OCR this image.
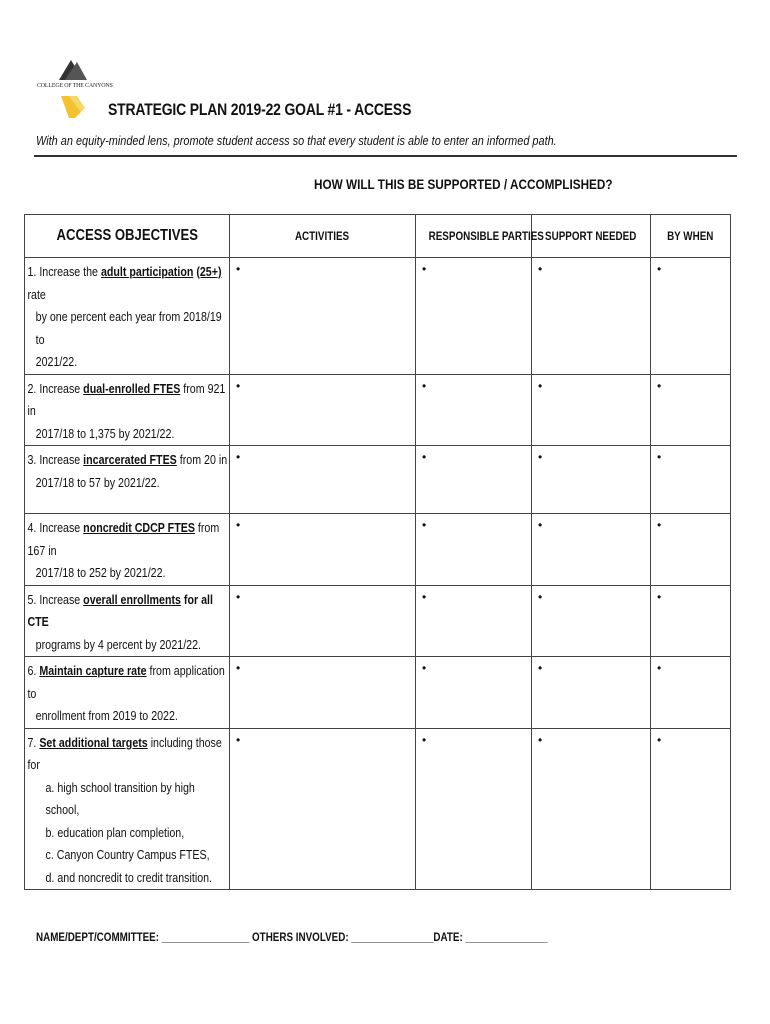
COLLEGE OF THE CANYONS
STRATEGIC PLAN 2019-22 GOAL #1 - ACCESS
With an equity-minded lens, promote student access so that every student is able to enter an informed path.
HOW WILL THIS BE SUPPORTED / ACCOMPLISHED?
ACCESS OBJECTIVES	ACTIVITIES	RESPONSIBLE PARTIES	SUPPORT NEEDED	BY WHEN

1. Increase the adult participation (25+) rate
by one percent each year from 2018/19 to
2021/22.	•	•	•	•

2. Increase dual-enrolled FTES from 921 in
2017/18 to 1,375 by 2021/22.	•	•	•	•

3. Increase incarcerated FTES from 20 in
2017/18 to 57 by 2021/22.	•	•	•	•

4. Increase noncredit CDCP FTES from 167 in
2017/18 to 252 by 2021/22.	•	•	•	•

5. Increase overall enrollments for all CTE
programs by 4 percent by 2021/22.	•	•	•	•

6. Maintain capture rate from application to
enrollment from 2019 to 2022.	•	•	•	•

7. Set additional targets including those for
a. high school transition by high school,
b. education plan completion,
c. Canyon Country Campus FTES,
d. and noncredit to credit transition.	•	•	•	•
NAME/DEPT/COMMITTEE: ________________ OTHERS INVOLVED: _______________DATE: _______________
